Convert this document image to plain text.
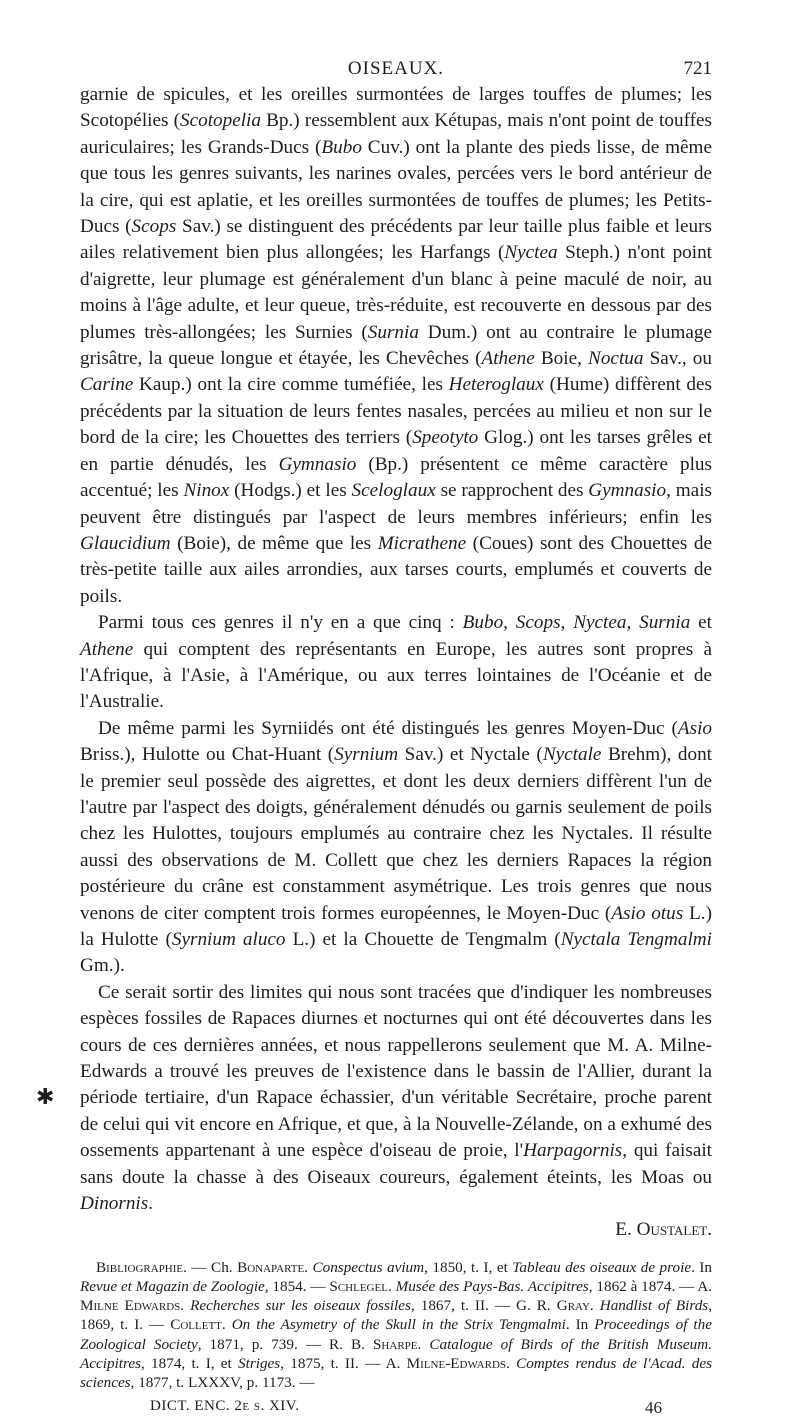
OISEAUX.	721

garnie de spicules, et les oreilles surmontées de larges touffes de plumes; les Scotopélies (Scotopelia Bp.) ressemblent aux Kétupas, mais n'ont point de touffes auriculaires; les Grands-Ducs (Bubo Cuv.) ont la plante des pieds lisse, de même que tous les genres suivants, les narines ovales, percées vers le bord antérieur de la cire, qui est aplatie, et les oreilles surmontées de touffes de plumes; les Petits-Ducs (Scops Sav.) se distinguent des précédents par leur taille plus faible et leurs ailes relativement bien plus allongées; les Harfangs (Nyctea Steph.) n'ont point d'aigrette, leur plumage est généralement d'un blanc à peine maculé de noir, au moins à l'âge adulte, et leur queue, très-réduite, est recouverte en dessous par des plumes très-allongées; les Surnies (Surnia Dum.) ont au contraire le plumage grisâtre, la queue longue et étayée, les Chevêches (Athene Boie, Noctua Sav., ou Carine Kaup.) ont la cire comme tuméfiée, les Heteroglaux (Hume) diffèrent des précédents par la situation de leurs fentes nasales, percées au milieu et non sur le bord de la cire; les Chouettes des terriers (Speotyto Glog.) ont les tarses grêles et en partie dénudés, les Gymnasio (Bp.) présentent ce même caractère plus accentué; les Ninox (Hodgs.) et les Sceloglaux se rapprochent des Gymnasio, mais peuvent être distingués par l'aspect de leurs membres inférieurs; enfin les Glaucidium (Boie), de même que les Micrathene (Coues) sont des Chouettes de très-petite taille aux ailes arrondies, aux tarses courts, emplumés et couverts de poils.

Parmi tous ces genres il n'y en a que cinq : Bubo, Scops, Nyctea, Surnia et Athene qui comptent des représentants en Europe, les autres sont propres à l'Afrique, à l'Asie, à l'Amérique, ou aux terres lointaines de l'Océanie et de l'Australie.

De même parmi les Syrniidés ont été distingués les genres Moyen-Duc (Asio Briss.), Hulotte ou Chat-Huant (Syrnium Sav.) et Nyctale (Nyctale Brehm), dont le premier seul possède des aigrettes, et dont les deux derniers diffèrent l'un de l'autre par l'aspect des doigts, généralement dénudés ou garnis seulement de poils chez les Hulottes, toujours emplumés au contraire chez les Nyctales. Il résulte aussi des observations de M. Collett que chez les derniers Rapaces la région postérieure du crâne est constamment asymétrique. Les trois genres que nous venons de citer comptent trois formes européennes, le Moyen-Duc (Asio otus L.) la Hulotte (Syrnium aluco L.) et la Chouette de Tengmalm (Nyctala Tengmalmi Gm.).

Ce serait sortir des limites qui nous sont tracées que d'indiquer les nombreuses espèces fossiles de Rapaces diurnes et nocturnes qui ont été découvertes dans les cours de ces dernières années, et nous rappellerons seulement que M. A. Milne-Edwards a trouvé les preuves de l'existence dans le bassin de l'Allier, durant la période tertiaire, d'un Rapace échassier, d'un véritable Secrétaire, proche parent de celui qui vit encore en Afrique, et que, à la Nouvelle-Zélande, on a exhumé des ossements appartenant à une espèce d'oiseau de proie, l'Harpagornis, qui faisait sans doute la chasse à des Oiseaux coureurs, également éteints, les Moas ou Dinornis.

E. Oustalet.
Bibliographie. — Ch. Bonaparte. Conspectus avium, 1850, t. I, et Tableau des oiseaux de proie. In Revue et Magazin de Zoologie, 1854. — Schlegel. Musée des Pays-Bas. Accipitres, 1862 à 1874. — A. Milne Edwards. Recherches sur les oiseaux fossiles, 1867, t. II. — G. R. Gray. Handlist of Birds, 1869, t. I. — Collett. On the Asymetry of the Skull in the Strix Tengmalmi. In Proceedings of the Zoological Society, 1871, p. 739. — R. B. Sharpe. Catalogue of Birds of the British Museum. Accipitres, 1874, t. I, et Striges, 1875, t. II. — A. Milne-Edwards. Comptes rendus de l'Acad. des sciences, 1877, t. LXXXV, p. 1173. —
DICT. ENC. 2e s. XIV.	46
✱
